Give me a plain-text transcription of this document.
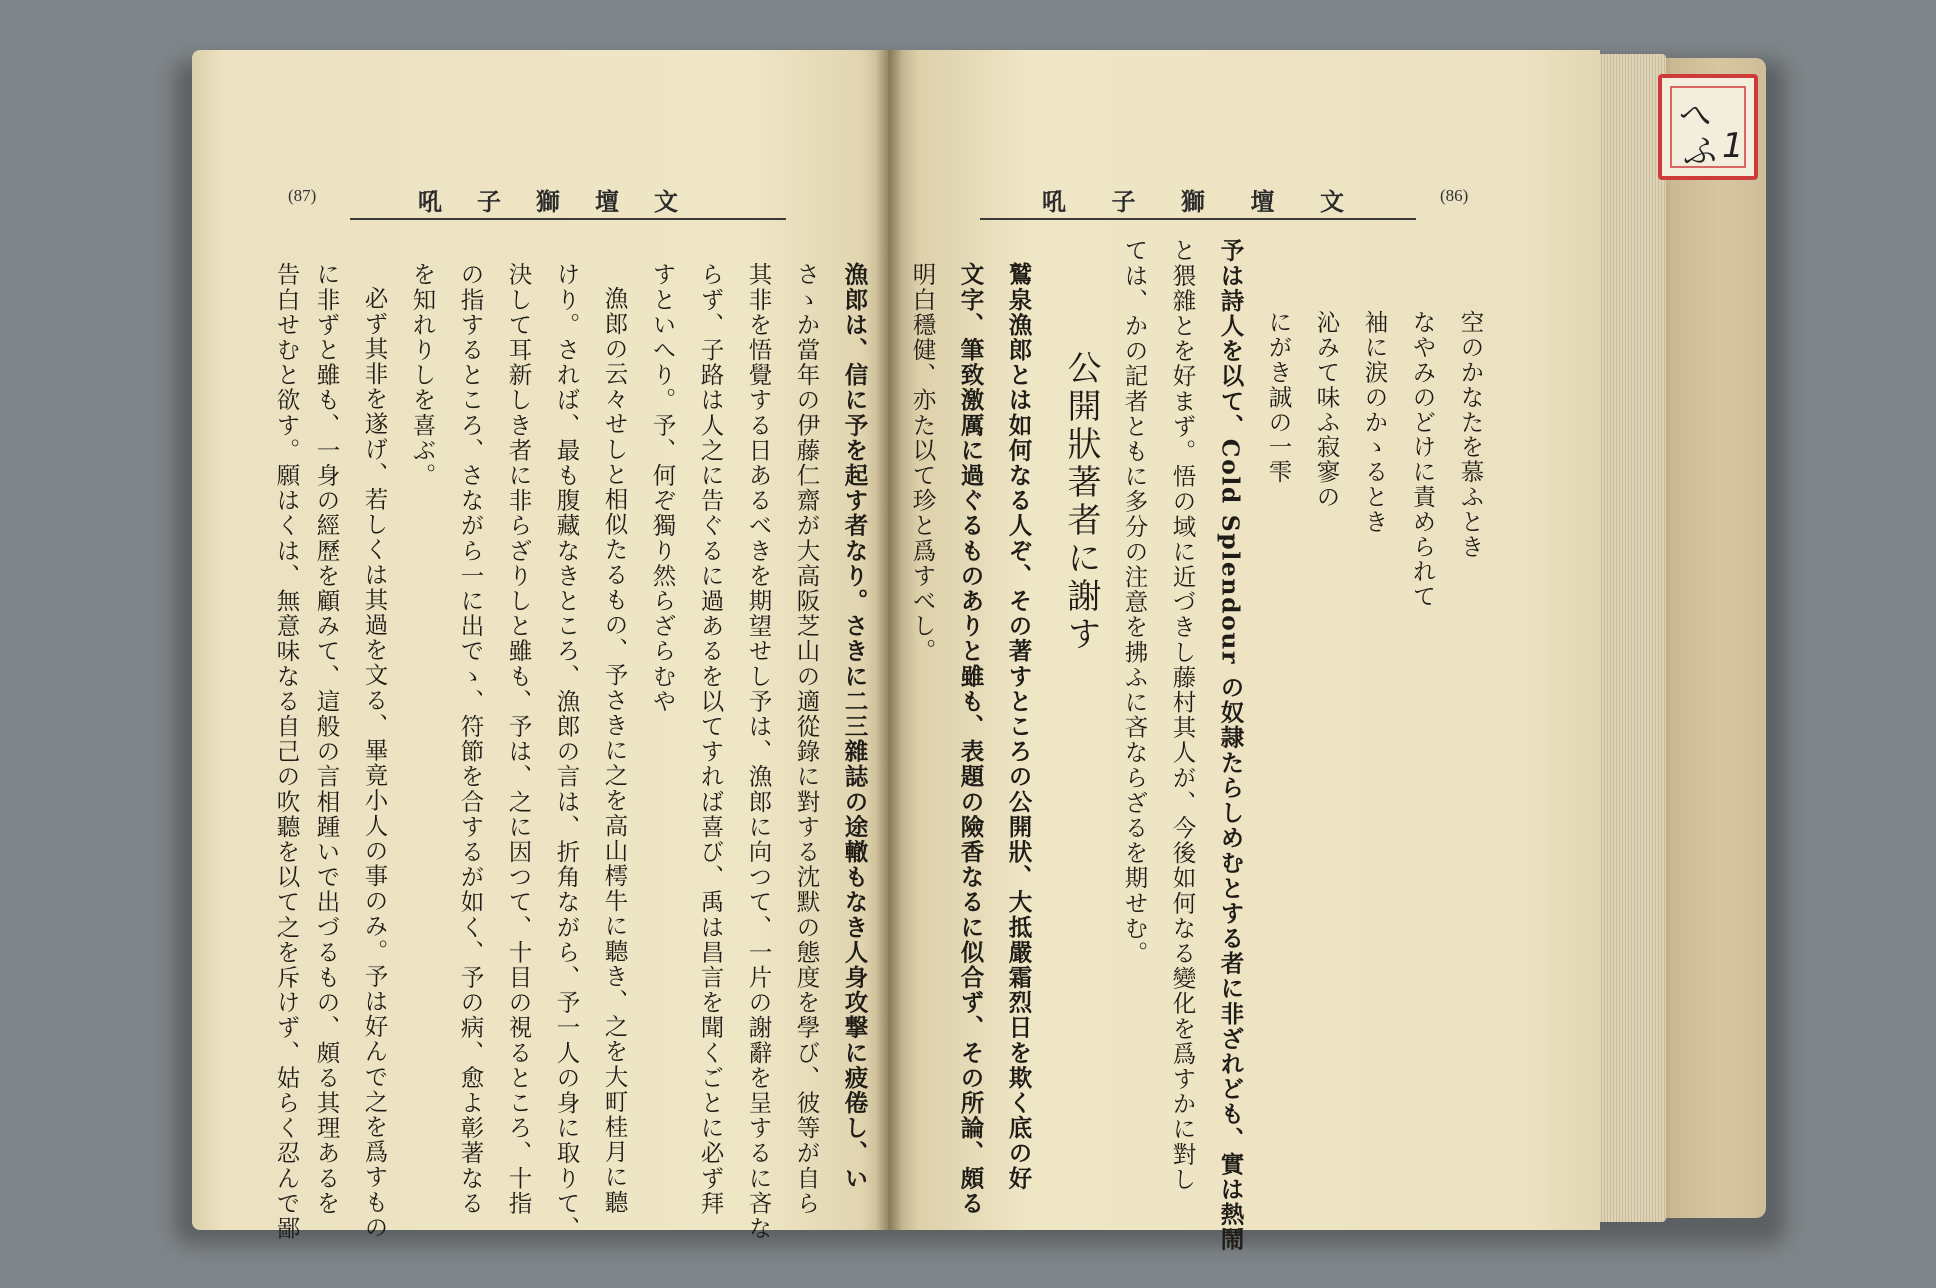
へ
ふ 1
(87)	吼 子 獅 壇 文
漁郎は、信に予を起す者なり。さきに二三雜誌の途轍もなき人身攻撃に疲倦し、い
さゝか當年の伊藤仁齋が大高阪芝山の適從錄に對する沈默の態度を學び、彼等が自ら
其非を悟覺する日あるべきを期望せし予は、漁郎に向つて、一片の謝辭を呈するに吝な
らず、子路は人之に告ぐるに過あるを以てすれば喜び、禹は昌言を聞くごとに必ず拜
すといへり。予、何ぞ獨り然らざらむや
漁郎の云々せしと相似たるもの、予さきに之を高山樗牛に聽き、之を大町桂月に聽
けり。されば、最も腹藏なきところ、漁郎の言は、折角ながら、予一人の身に取りて、
決して耳新しき者に非らざりしと雖も、予は、之に因つて、十目の視るところ、十指
の指するところ、さながら一に出でゝ、符節を合するが如く、予の病、愈よ彰著なる
を知れりしを喜ぶ。
必ず其非を遂げ、若しくは其過を文る、畢竟小人の事のみ。予は好んで之を爲すもの
に非ずと雖も、一身の經歷を顧みて、這般の言相踵いで出づるもの、頗る其理あるを
告白せむと欲す。願はくは、無意味なる自己の吹聽を以て之を斥けず、姑らく忍んで鄙
吼 子 獅 壇 文	(86)
空のかなたを慕ふとき
なやみのどけに責められて
袖に涙のかゝるとき
沁みて味ふ寂寥の
にがき誠の一雫
予は詩人を以て、Cold Splendour の奴隷たらしめむとする者に非ざれども、實は熱鬧
と猥雜とを好まず。悟の域に近づきし藤村其人が、今後如何なる變化を爲すかに對し
ては、かの記者ともに多分の注意を拂ふに吝ならざるを期せむ。
公開狀著者に謝す
鷲泉漁郎とは如何なる人ぞ、その著すところの公開狀、大抵嚴霜烈日を欺く底の好
文字、筆致激厲に過ぐるものありと雖も、表題の險香なるに似合ず、その所論、頗る
明白穩健、亦た以て珍と爲すべし。
